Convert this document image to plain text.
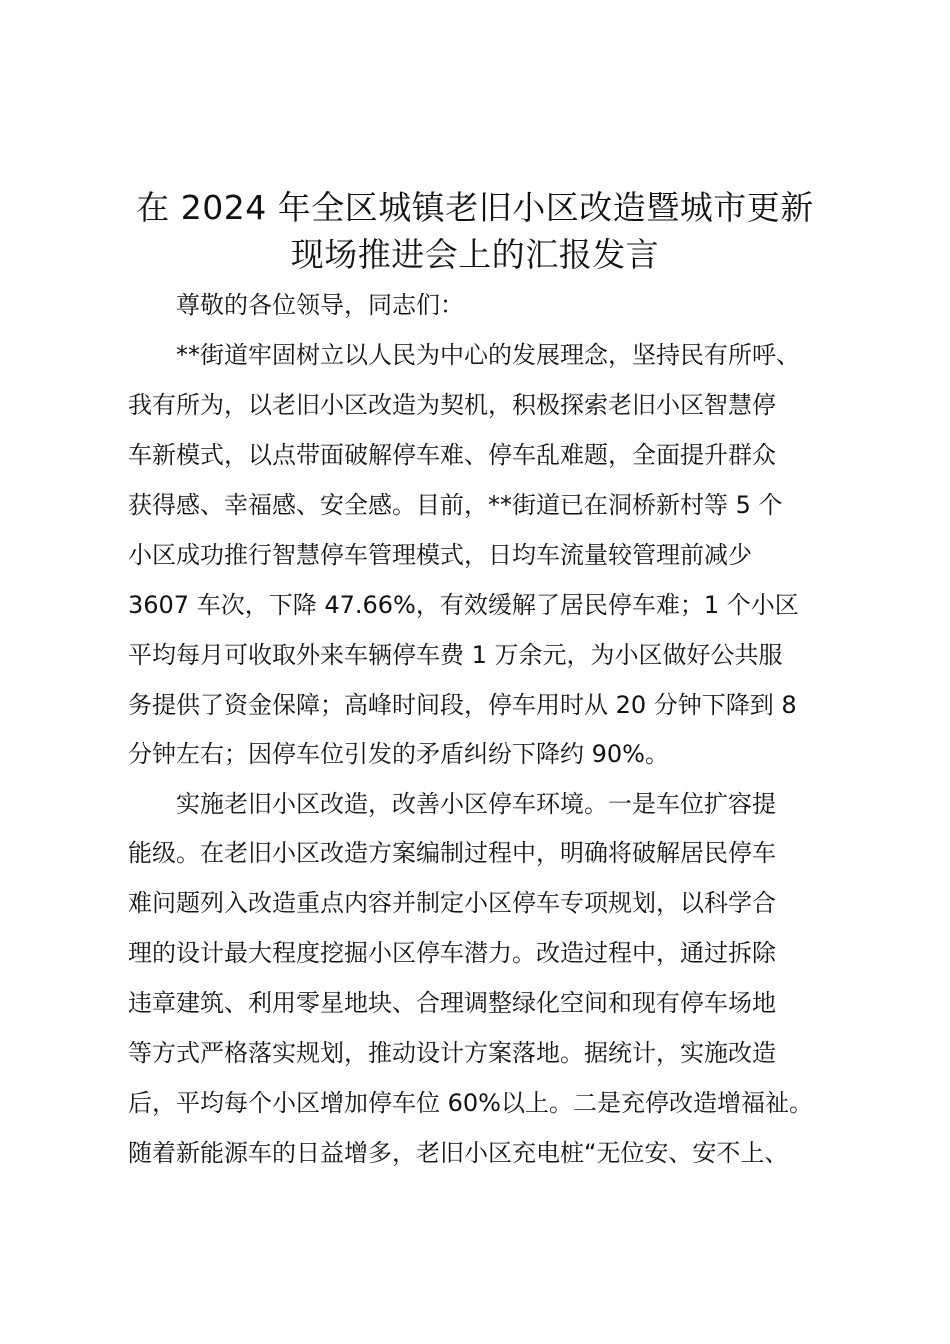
在 2024 年全区城镇老旧小区改造暨城市更新
现场推进会上的汇报发言
尊敬的各位领导，同志们：
**街道牢固树立以人民为中心的发展理念，坚持民有所呼、
我有所为，以老旧小区改造为契机，积极探索老旧小区智慧停
车新模式，以点带面破解停车难、停车乱难题，全面提升群众
获得感、幸福感、安全感。目前，**街道已在洞桥新村等 5 个
小区成功推行智慧停车管理模式，日均车流量较管理前减少
3607 车次，下降 47.66%，有效缓解了居民停车难；1 个小区
平均每月可收取外来车辆停车费 1 万余元，为小区做好公共服
务提供了资金保障；高峰时间段，停车用时从 20 分钟下降到 8
分钟左右；因停车位引发的矛盾纠纷下降约 90%。
实施老旧小区改造，改善小区停车环境。一是车位扩容提
能级。在老旧小区改造方案编制过程中，明确将破解居民停车
难问题列入改造重点内容并制定小区停车专项规划，以科学合
理的设计最大程度挖掘小区停车潜力。改造过程中，通过拆除
违章建筑、利用零星地块、合理调整绿化空间和现有停车场地
等方式严格落实规划，推动设计方案落地。据统计，实施改造
后，平均每个小区增加停车位 60%以上。二是充停改造增福祉。
随着新能源车的日益增多，老旧小区充电桩“无位安、安不上、
